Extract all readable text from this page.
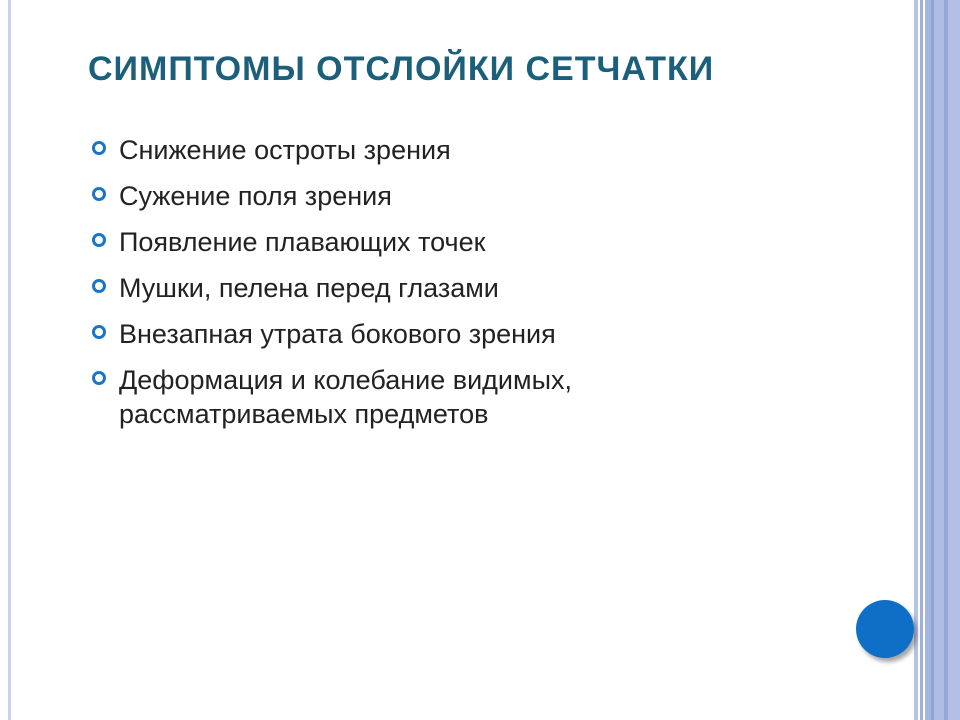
СИМПТОМЫ ОТСЛОЙКИ СЕТЧАТКИ
Снижение остроты зрения
Сужение поля зрения
Появление плавающих точек
Мушки, пелена перед глазами
Внезапная утрата бокового зрения
Деформация и колебание видимых, рассматриваемых предметов
